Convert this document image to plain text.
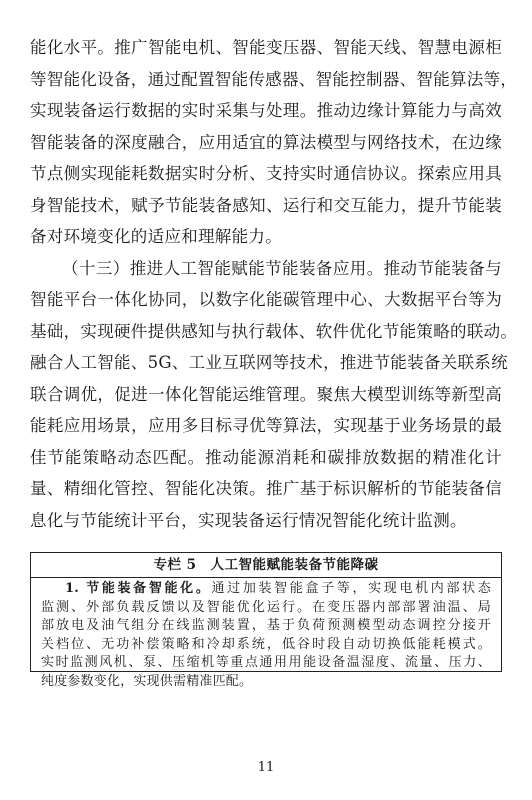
能化水平。推广智能电机、智能变压器、智能天线、智慧电源柜
等智能化设备，通过配置智能传感器、智能控制器、智能算法等，
实现装备运行数据的实时采集与处理。推动边缘计算能力与高效
智能装备的深度融合，应用适宜的算法模型与网络技术，在边缘
节点侧实现能耗数据实时分析、支持实时通信协议。探索应用具
身智能技术，赋予节能装备感知、运行和交互能力，提升节能装
备对环境变化的适应和理解能力。
（十三）推进人工智能赋能节能装备应用。推动节能装备与
智能平台一体化协同，以数字化能碳管理中心、大数据平台等为
基础，实现硬件提供感知与执行载体、软件优化节能策略的联动。
融合人工智能、5G、工业互联网等技术，推进节能装备关联系统
联合调优，促进一体化智能运维管理。聚焦大模型训练等新型高
能耗应用场景，应用多目标寻优等算法，实现基于业务场景的最
佳节能策略动态匹配。推动能源消耗和碳排放数据的精准化计
量、精细化管控、智能化决策。推广基于标识解析的节能装备信
息化与节能统计平台，实现装备运行情况智能化统计监测。
专栏 5　人工智能赋能装备节能降碳
1. 节能装备智能化。通过加装智能盒子等，实现电机内部状态
监测、外部负载反馈以及智能优化运行。在变压器内部部署油温、局
部放电及油气组分在线监测装置，基于负荷预测模型动态调控分接开
关档位、无功补偿策略和冷却系统，低谷时段自动切换低能耗模式。
实时监测风机、泵、压缩机等重点通用用能设备温湿度、流量、压力、
纯度参数变化，实现供需精准匹配。
11
